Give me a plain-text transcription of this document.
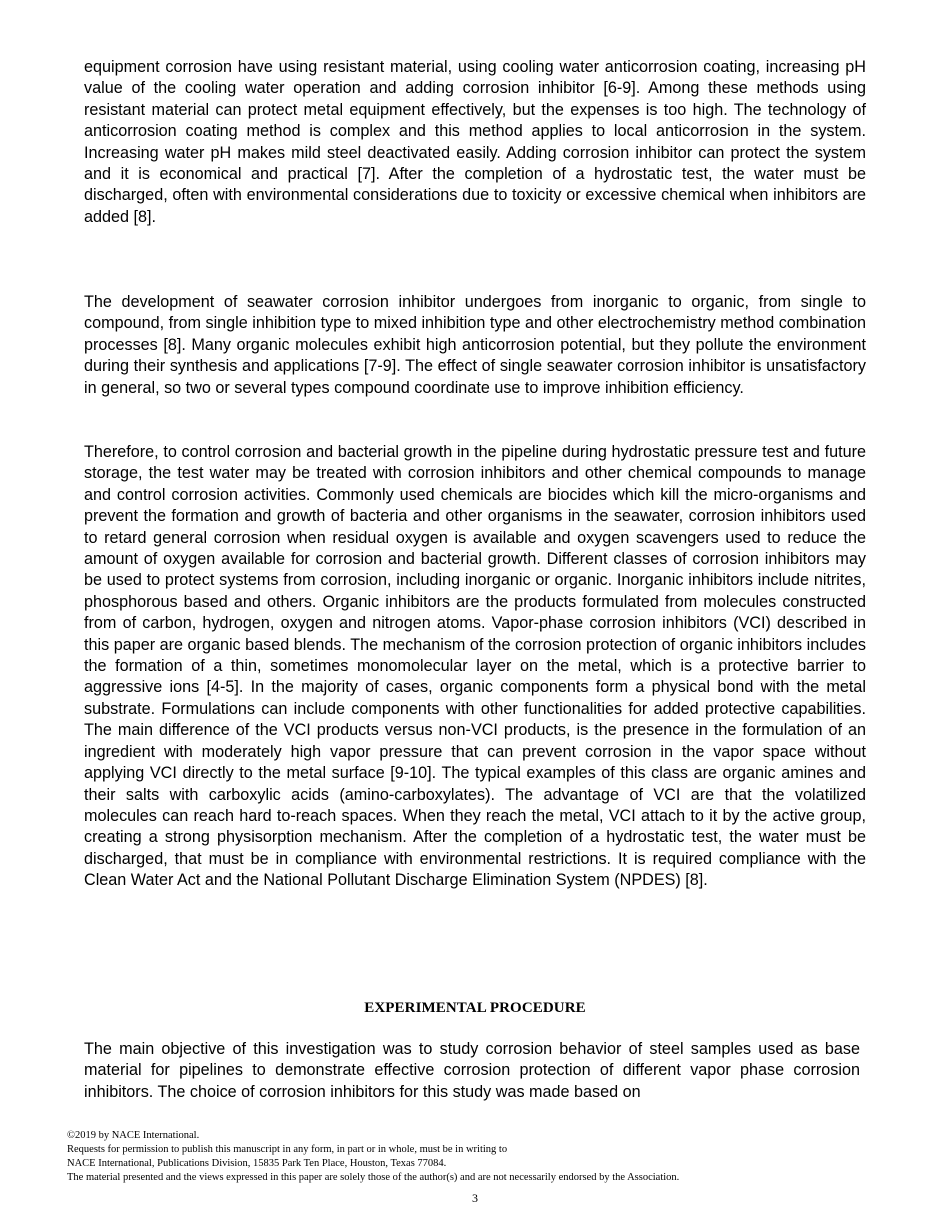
equipment corrosion have using resistant material, using cooling water anticorrosion coating, increasing pH value of the cooling water operation and adding corrosion inhibitor [6-9]. Among these methods using resistant material can protect metal equipment effectively, but the expenses is too high. The technology of anticorrosion coating method is complex and this method applies to local anticorrosion in the system. Increasing water pH makes mild steel deactivated easily. Adding corrosion inhibitor can protect the system and it is economical and practical [7]. After the completion of a hydrostatic test, the water must be discharged, often with environmental considerations due to toxicity or excessive chemical when inhibitors are added [8].

The development of seawater corrosion inhibitor undergoes from inorganic to organic, from single to compound, from single inhibition type to mixed inhibition type and other electrochemistry method combination processes [8]. Many organic molecules exhibit high anticorrosion potential, but they pollute the environment during their synthesis and applications [7-9]. The effect of single seawater corrosion inhibitor is unsatisfactory in general, so two or several types compound coordinate use to improve inhibition efficiency.

Therefore, to control corrosion and bacterial growth in the pipeline during hydrostatic pressure test and future storage, the test water may be treated with corrosion inhibitors and other chemical compounds to manage and control corrosion activities. Commonly used chemicals are biocides which kill the micro-organisms and prevent the formation and growth of bacteria and other organisms in the seawater, corrosion inhibitors used to retard general corrosion when residual oxygen is available and oxygen scavengers used to reduce the amount of oxygen available for corrosion and bacterial growth. Different classes of corrosion inhibitors may be used to protect systems from corrosion, including inorganic or organic. Inorganic inhibitors include nitrites, phosphorous based and others. Organic inhibitors are the products formulated from molecules constructed from of carbon, hydrogen, oxygen and nitrogen atoms. Vapor-phase corrosion inhibitors (VCI) described in this paper are organic based blends. The mechanism of the corrosion protection of organic inhibitors includes the formation of a thin, sometimes monomolecular layer on the metal, which is a protective barrier to aggressive ions [4-5]. In the majority of cases, organic components form a physical bond with the metal substrate. Formulations can include components with other functionalities for added protective capabilities. The main difference of the VCI products versus non-VCI products, is the presence in the formulation of an ingredient with moderately high vapor pressure that can prevent corrosion in the vapor space without applying VCI directly to the metal surface [9-10]. The typical examples of this class are organic amines and their salts with carboxylic acids (amino-carboxylates). The advantage of VCI are that the volatilized molecules can reach hard to-reach spaces. When they reach the metal, VCI attach to it by the active group, creating a strong physisorption mechanism. After the completion of a hydrostatic test, the water must be discharged, that must be in compliance with environmental restrictions. It is required compliance with the Clean Water Act and the National Pollutant Discharge Elimination System (NPDES) [8].

EXPERIMENTAL PROCEDURE

The main objective of this investigation was to study corrosion behavior of steel samples used as base material for pipelines to demonstrate effective corrosion protection of different vapor phase corrosion inhibitors. The choice of corrosion inhibitors for this study was made based on

©2019 by NACE International.
Requests for permission to publish this manuscript in any form, in part or in whole, must be in writing to
NACE International, Publications Division, 15835 Park Ten Place, Houston, Texas 77084.
The material presented and the views expressed in this paper are solely those of the author(s) and are not necessarily endorsed by the Association.
3
